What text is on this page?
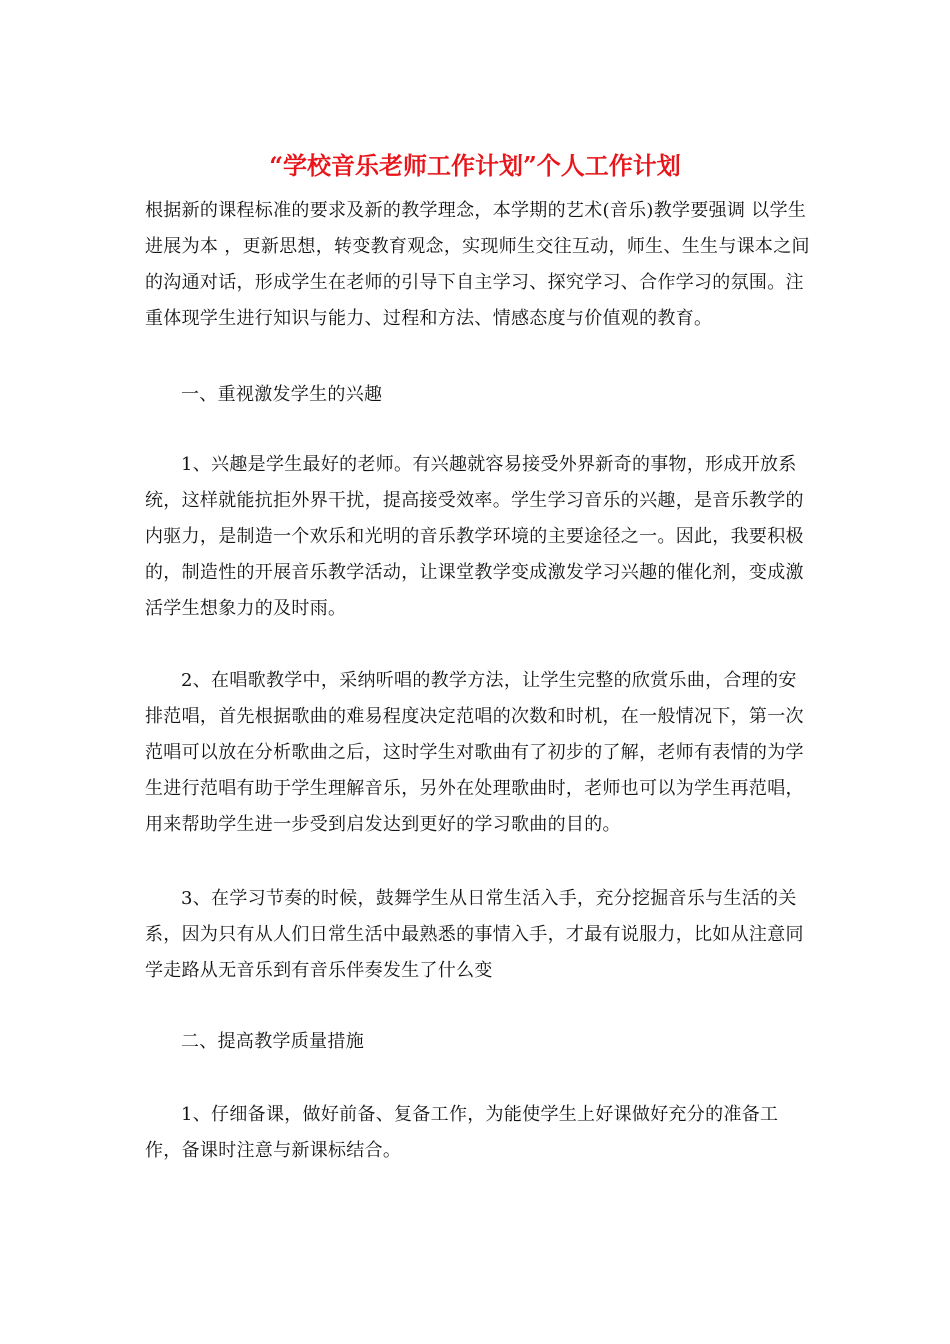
“学校音乐老师工作计划”个人工作计划

根据新的课程标准的要求及新的教学理念，本学期的艺术(音乐)教学要强调 以学生进展为本 ，更新思想，转变教育观念，实现师生交往互动，师生、生生与课本之间的沟通对话，形成学生在老师的引导下自主学习、探究学习、合作学习的氛围。注重体现学生进行知识与能力、过程和方法、情感态度与价值观的教育。

一、重视激发学生的兴趣

1、兴趣是学生最好的老师。有兴趣就容易接受外界新奇的事物，形成开放系统，这样就能抗拒外界干扰，提高接受效率。学生学习音乐的兴趣，是音乐教学的内驱力，是制造一个欢乐和光明的音乐教学环境的主要途径之一。因此，我要积极的，制造性的开展音乐教学活动，让课堂教学变成激发学习兴趣的催化剂，变成激活学生想象力的及时雨。

2、在唱歌教学中，采纳听唱的教学方法，让学生完整的欣赏乐曲，合理的安排范唱，首先根据歌曲的难易程度决定范唱的次数和时机，在一般情况下，第一次范唱可以放在分析歌曲之后，这时学生对歌曲有了初步的了解，老师有表情的为学生进行范唱有助于学生理解音乐，另外在处理歌曲时，老师也可以为学生再范唱，用来帮助学生进一步受到启发达到更好的学习歌曲的目的。

3、在学习节奏的时候，鼓舞学生从日常生活入手，充分挖掘音乐与生活的关系，因为只有从人们日常生活中最熟悉的事情入手，才最有说服力，比如从注意同学走路从无音乐到有音乐伴奏发生了什么变

二、提高教学质量措施

1、仔细备课，做好前备、复备工作，为能使学生上好课做好充分的准备工作，备课时注意与新课标结合。
